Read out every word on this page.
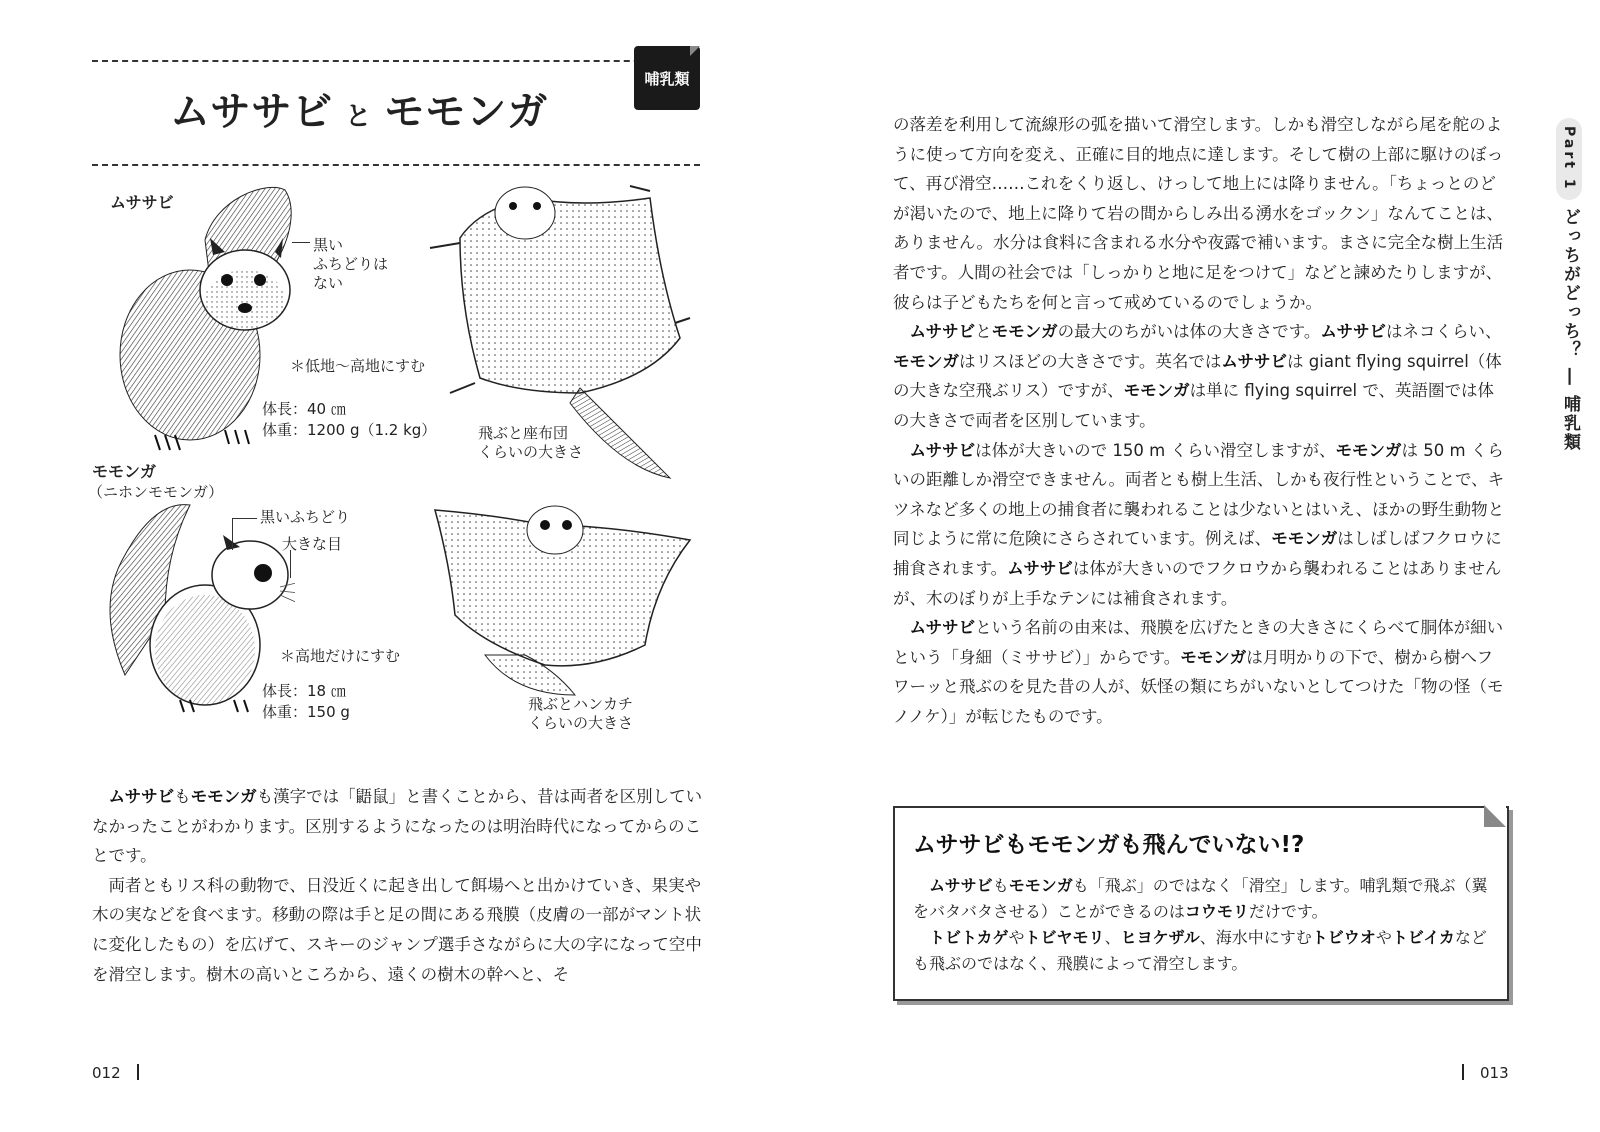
ムササビ と モモンガ
哺乳類
ムササビ
黒い
ふちどりは
ない
＊低地〜高地にすむ
体長：40 ㎝
体重：1200 g（1.2 kg）	飛ぶと座布団
くらいの大きさ
モモンガ
（ニホンモモンガ）
黒いふちどり
大きな目
＊高地だけにすむ
体長：18 ㎝
体重：150 g	飛ぶとハンカチ
くらいの大きさ

ムササビもモモンガも漢字では「鼯鼠」と書くことから、昔は両者を区別していなかったことがわかります。区別するようになったのは明治時代になってからのことです。

両者ともリス科の動物で、日没近くに起き出して餌場へと出かけていき、果実や木の実などを食べます。移動の際は手と足の間にある飛膜（皮膚の一部がマント状に変化したもの）を広げて、スキーのジャンプ選手さながらに大の字になって空中を滑空します。樹木の高いところから、遠くの樹木の幹へと、そ

の落差を利用して流線形の弧を描いて滑空します。しかも滑空しながら尾を舵のように使って方向を変え、正確に目的地点に達します。そして樹の上部に駆けのぼって、再び滑空……これをくり返し、けっして地上には降りません。「ちょっとのどが渇いたので、地上に降りて岩の間からしみ出る湧水をゴックン」なんてことは、ありません。水分は食料に含まれる水分や夜露で補います。まさに完全な樹上生活者です。人間の社会では「しっかりと地に足をつけて」などと諫めたりしますが、彼らは子どもたちを何と言って戒めているのでしょうか。

ムササビとモモンガの最大のちがいは体の大きさです。ムササビはネコくらい、モモンガはリスほどの大きさです。英名ではムササビは giant flying squirrel（体の大きな空飛ぶリス）ですが、モモンガは単に flying squirrel で、英語圏では体の大きさで両者を区別しています。

ムササビは体が大きいので 150 m くらい滑空しますが、モモンガは 50 m くらいの距離しか滑空できません。両者とも樹上生活、しかも夜行性ということで、キツネなど多くの地上の捕食者に襲われることは少ないとはいえ、ほかの野生動物と同じように常に危険にさらされています。例えば、モモンガはしばしばフクロウに捕食されます。ムササビは体が大きいのでフクロウから襲われることはありませんが、木のぼりが上手なテンには補食されます。

ムササビという名前の由来は、飛膜を広げたときの大きさにくらべて胴体が細いという「身細（ミササビ）」からです。モモンガは月明かりの下で、樹から樹へフワーッと飛ぶのを見た昔の人が、妖怪の類にちがいないとしてつけた「物の怪（モノノケ）」が転じたものです。

ムササビもモモンガも飛んでいない!?

ムササビもモモンガも「飛ぶ」のではなく「滑空」します。哺乳類で飛ぶ（翼をバタバタさせる）ことができるのはコウモリだけです。

トビトカゲやトビヤモリ、ヒヨケザル、海水中にすむトビウオやトビイカなども飛ぶのではなく、飛膜によって滑空します。

Part 1
どっちがどっち？ ― 哺乳類
012	013
